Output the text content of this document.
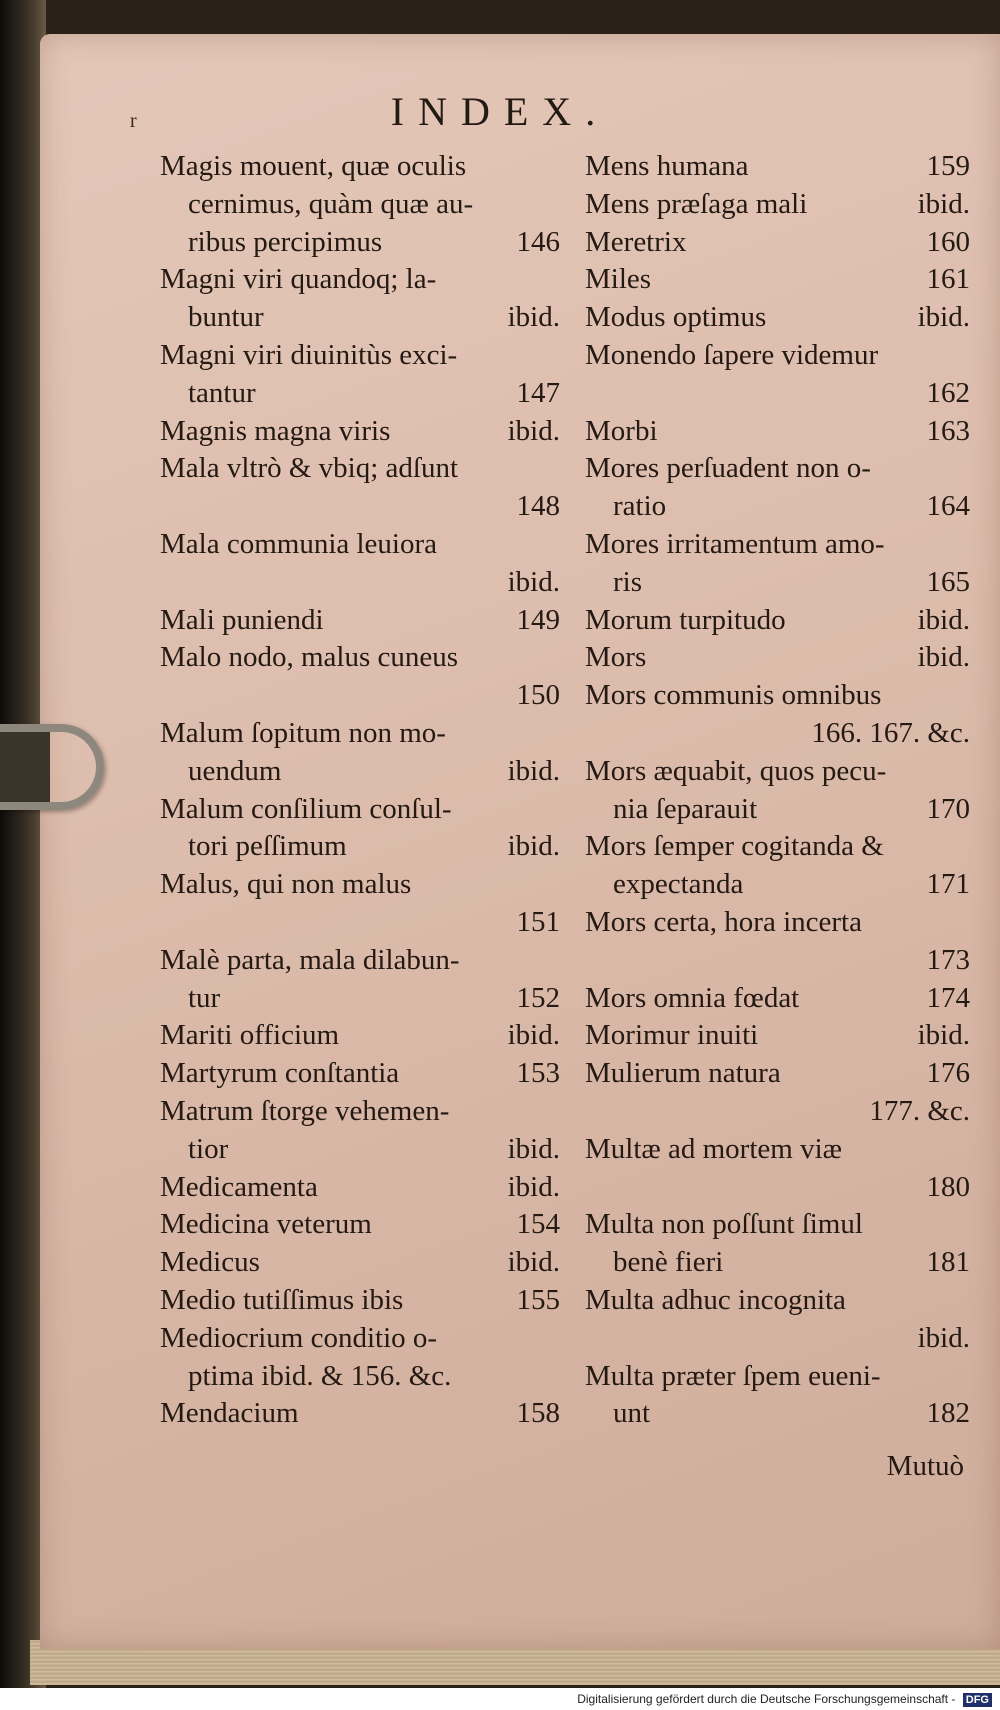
r	INDEX.
Magis mouent, quæ oculis
cernimus, quàm quæ au-
ribus percipimus	146
Magni viri quandoq; la-
buntur	ibid.
Magni viri diuinitùs exci-
tantur	147
Magnis magna viris	ibid.
Mala vltrò & vbiq; adſunt
148
Mala communia leuiora
ibid.
Mali puniendi	149
Malo nodo, malus cuneus
150
Malum ſopitum non mo-
uendum	ibid.
Malum conſilium conſul-
tori peſſimum	ibid.
Malus, qui non malus
151
Malè parta, mala dilabun-
tur	152
Mariti officium	ibid.
Martyrum conſtantia	153
Matrum ſtorge vehemen-
tior	ibid.
Medicamenta	ibid.
Medicina veterum	154
Medicus	ibid.
Medio tutiſſimus ibis	155
Mediocrium conditio o-
ptima ibid. & 156. &c.
Mendacium	158
Mens humana	159
Mens præſaga mali	ibid.
Meretrix	160
Miles	161
Modus optimus	ibid.
Monendo ſapere videmur
162
Morbi	163
Mores perſuadent non o-
ratio	164
Mores irritamentum amo-
ris	165
Morum turpitudo	ibid.
Mors	ibid.
Mors communis omnibus
166. 167. &c.
Mors æquabit, quos pecu-
nia ſeparauit	170
Mors ſemper cogitanda &
expectanda	171
Mors certa, hora incerta
173
Mors omnia fœdat	174
Morimur inuiti	ibid.
Mulierum natura	176
177. &c.
Multæ ad mortem viæ
180
Multa non poſſunt ſimul
benè fieri	181
Multa adhuc incognita
ibid.
Multa præter ſpem eueni-
unt	182
Mutuò
Digitalisierung gefördert durch die Deutsche Forschungsgemeinschaft - DFG
